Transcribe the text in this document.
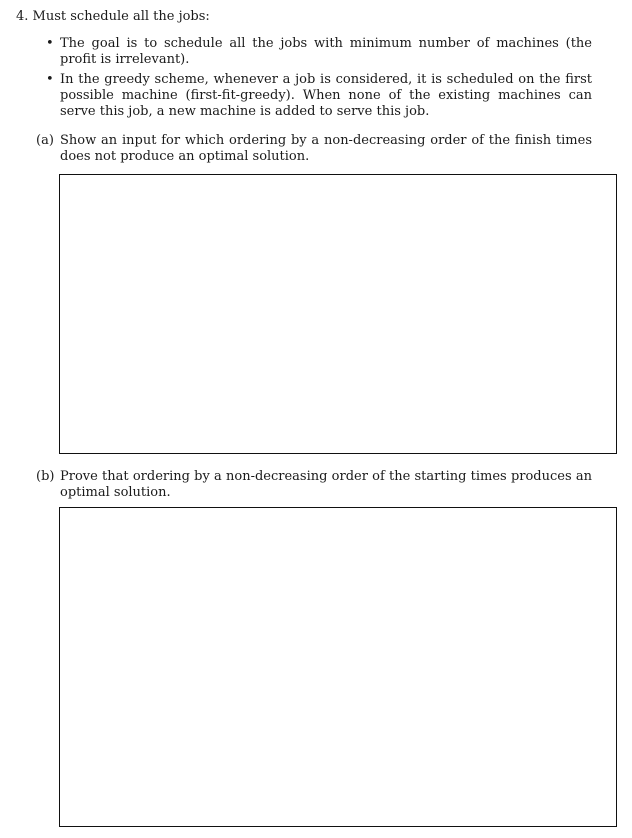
4. Must schedule all the jobs:
• The goal is to schedule all the jobs with minimum number of machines (the profit is irrelevant).
• In the greedy scheme, whenever a job is considered, it is scheduled on the first possible machine (first-fit-greedy). When none of the existing machines can serve this job, a new machine is added to serve this job.
(a) Show an input for which ordering by a non-decreasing order of the finish times does not produce an optimal solution.
(b) Prove that ordering by a non-decreasing order of the starting times produces an optimal solution.
